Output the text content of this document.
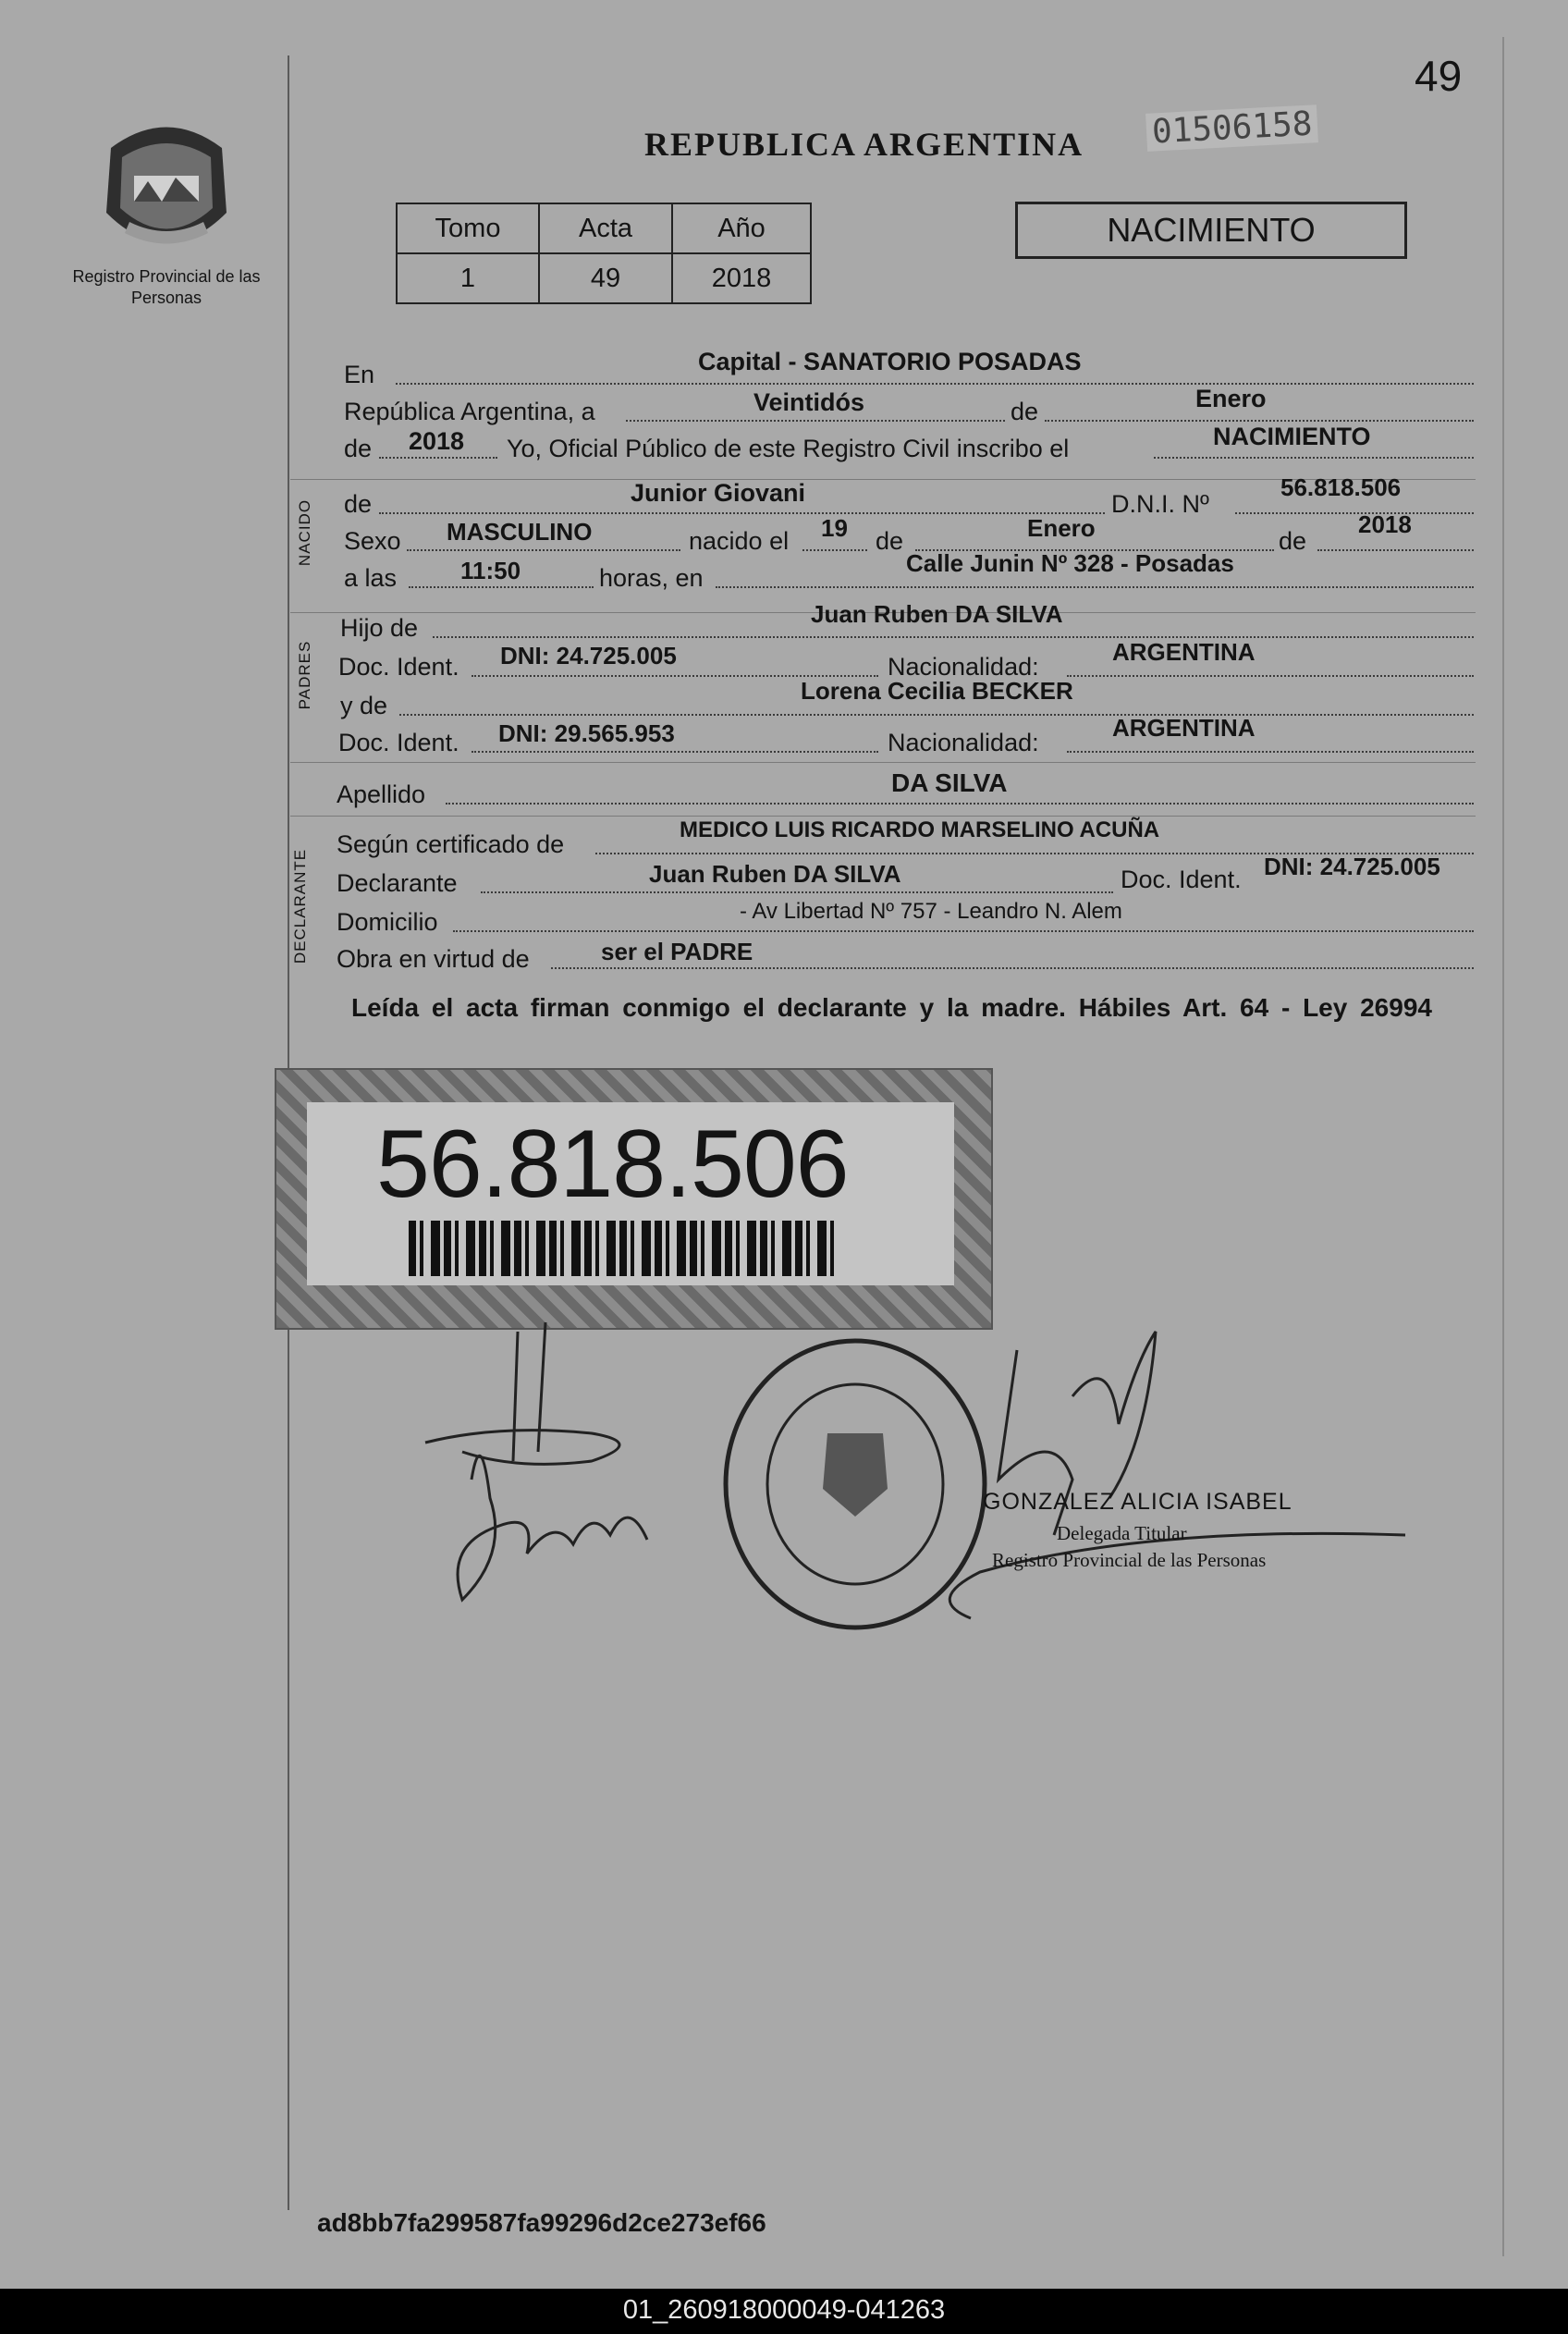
Registro Provincial de las Personas
49
REPUBLICA ARGENTINA 01506158
Tomo	Acta	Año
1	49	2018
NACIMIENTO
En	Capital - SANATORIO POSADAS
República Argentina, a	Veintidós	de	Enero
de 2018 Yo, Oficial Público de este Registro Civil inscribo el	NACIMIENTO
NACIDO de	Junior Giovani	D.N.I. Nº
56.818.506
Sexo MASCULINO	nacido el 19 de	Enero	de
2018
a las	11:50	horas, en
Calle Junin Nº 328 - Posadas
PADRES
Hijo de	Juan Ruben DA SILVA
Doc. Ident. DNI: 24.725.005	Nacionalidad:
ARGENTINA
y de
Lorena Cecilia BECKER
Doc. Ident. DNI: 29.565.953	Nacionalidad:
ARGENTINA
Apellido	DA SILVA
DECLARANTE
Según certificado de
MEDICO LUIS RICARDO MARSELINO ACUÑA
Declarante	Juan Ruben DA SILVA	Doc. Ident. DNI: 24.725.005
Domicilio	- Av Libertad Nº 757 - Leandro N. Alem
Obra en virtud de	ser el PADRE
Leída el acta firman conmigo el declarante y la madre. Hábiles Art. 64 - Ley 26994
56.818.506
GONZALEZ ALICIA ISABEL
Delegada Titular
Registro Provincial de las Personas
ad8bb7fa299587fa99296d2ce273ef66
01_260918000049-041263
